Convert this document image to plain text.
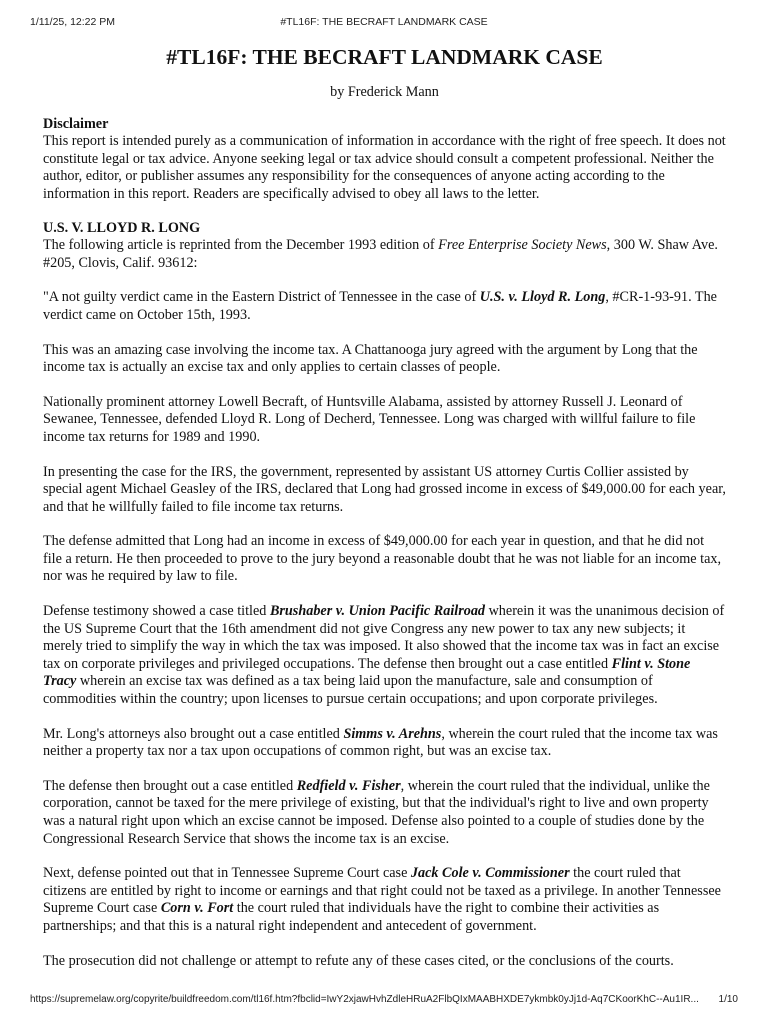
1/11/25, 12:22 PM	#TL16F: THE BECRAFT LANDMARK CASE
#TL16F: THE BECRAFT LANDMARK CASE
by Frederick Mann
Disclaimer

This report is intended purely as a communication of information in accordance with the right of free speech. It does not constitute legal or tax advice. Anyone seeking legal or tax advice should consult a competent professional. Neither the author, editor, or publisher assumes any responsibility for the consequences of anyone acting according to the information in this report. Readers are specifically advised to obey all laws to the letter.

U.S. V. LLOYD R. LONG

The following article is reprinted from the December 1993 edition of Free Enterprise Society News, 300 W. Shaw Ave. #205, Clovis, Calif. 93612:

"A not guilty verdict came in the Eastern District of Tennessee in the case of U.S. v. Lloyd R. Long, #CR-1-93-91. The verdict came on October 15th, 1993.

This was an amazing case involving the income tax. A Chattanooga jury agreed with the argument by Long that the income tax is actually an excise tax and only applies to certain classes of people.

Nationally prominent attorney Lowell Becraft, of Huntsville Alabama, assisted by attorney Russell J. Leonard of Sewanee, Tennessee, defended Lloyd R. Long of Decherd, Tennessee. Long was charged with willful failure to file income tax returns for 1989 and 1990.

In presenting the case for the IRS, the government, represented by assistant US attorney Curtis Collier assisted by special agent Michael Geasley of the IRS, declared that Long had grossed income in excess of $49,000.00 for each year, and that he willfully failed to file income tax returns.

The defense admitted that Long had an income in excess of $49,000.00 for each year in question, and that he did not file a return. He then proceeded to prove to the jury beyond a reasonable doubt that he was not liable for an income tax, nor was he required by law to file.

Defense testimony showed a case titled Brushaber v. Union Pacific Railroad wherein it was the unanimous decision of the US Supreme Court that the 16th amendment did not give Congress any new power to tax any new subjects; it merely tried to simplify the way in which the tax was imposed. It also showed that the income tax was in fact an excise tax on corporate privileges and privileged occupations. The defense then brought out a case entitled Flint v. Stone Tracy wherein an excise tax was defined as a tax being laid upon the manufacture, sale and consumption of commodities within the country; upon licenses to pursue certain occupations; and upon corporate privileges.

Mr. Long's attorneys also brought out a case entitled Simms v. Arehns, wherein the court ruled that the income tax was neither a property tax nor a tax upon occupations of common right, but was an excise tax.

The defense then brought out a case entitled Redfield v. Fisher, wherein the court ruled that the individual, unlike the corporation, cannot be taxed for the mere privilege of existing, but that the individual's right to live and own property was a natural right upon which an excise cannot be imposed. Defense also pointed to a couple of studies done by the Congressional Research Service that shows the income tax is an excise.

Next, defense pointed out that in Tennessee Supreme Court case Jack Cole v. Commissioner the court ruled that citizens are entitled by right to income or earnings and that right could not be taxed as a privilege. In another Tennessee Supreme Court case Corn v. Fort the court ruled that individuals have the right to combine their activities as partnerships; and that this is a natural right independent and antecedent of government.

The prosecution did not challenge or attempt to refute any of these cases cited, or the conclusions of the courts.

https://supremelaw.org/copyrite/buildfreedom.com/tl16f.htm?fbclid=IwY2xjawHvhZdleHRuA2FlbQIxMAABHXDE7ykmbk0yJj1d-Aq7CKoorKhC--Au1IR... 1/10
